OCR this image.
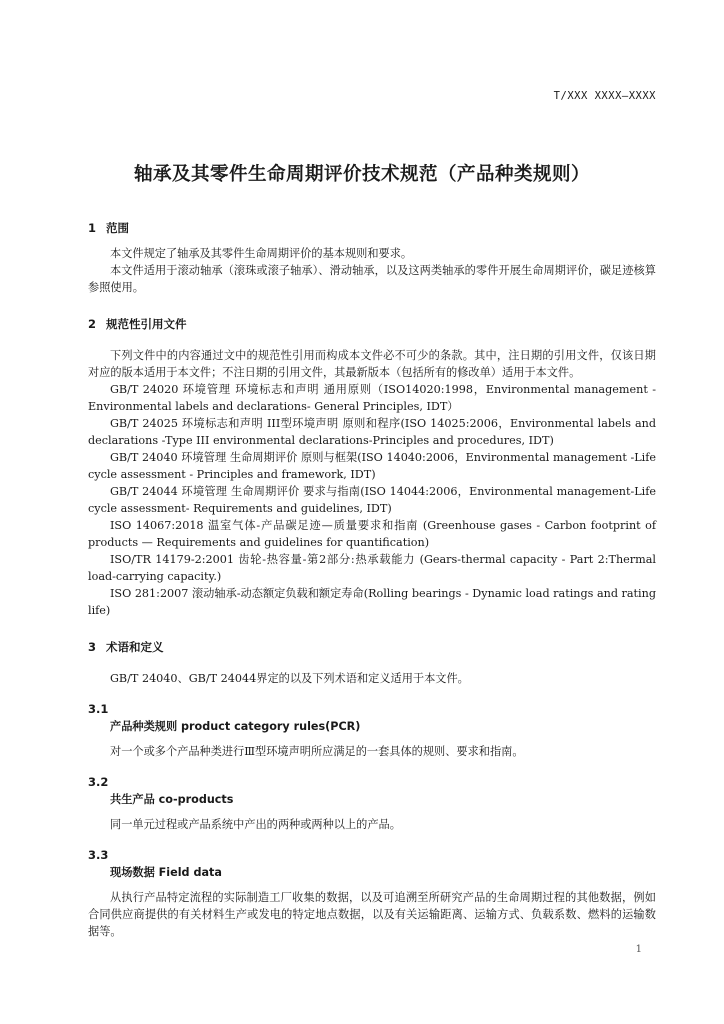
T/XXX XXXX—XXXX
轴承及其零件生命周期评价技术规范（产品种类规则）

1 范围

本文件规定了轴承及其零件生命周期评价的基本规则和要求。

本文件适用于滚动轴承（滚珠或滚子轴承）、滑动轴承，以及这两类轴承的零件开展生命周期评价，碳足迹核算参照使用。

2 规范性引用文件

下列文件中的内容通过文中的规范性引用而构成本文件必不可少的条款。其中，注日期的引用文件，仅该日期对应的版本适用于本文件；不注日期的引用文件，其最新版本（包括所有的修改单）适用于本文件。

GB/T 24020 环境管理 环境标志和声明 通用原则（ISO14020:1998，Environmental management -Environmental labels and declarations- General Principles, IDT）

GB/T 24025 环境标志和声明 III型环境声明 原则和程序(ISO 14025:2006，Environmental labels and declarations -Type III environmental declarations-Principles and procedures, IDT)

GB/T 24040 环境管理 生命周期评价 原则与框架(ISO 14040:2006，Environmental management -Life cycle assessment - Principles and framework, IDT)

GB/T 24044 环境管理 生命周期评价 要求与指南(ISO 14044:2006，Environmental management-Life cycle assessment- Requirements and guidelines, IDT)

ISO 14067:2018 温室气体-产品碳足迹—质量要求和指南 (Greenhouse gases - Carbon footprint of products — Requirements and guidelines for quantification)

ISO/TR 14179-2:2001 齿轮-热容量-第2部分:热承载能力 (Gears-thermal capacity - Part 2:Thermal load-carrying capacity.)

ISO 281:2007 滚动轴承-动态额定负载和额定寿命(Rolling bearings - Dynamic load ratings and rating life)

3 术语和定义

GB/T 24040、GB/T 24044界定的以及下列术语和定义适用于本文件。

3.1

产品种类规则 product category rules(PCR)

对一个或多个产品种类进行Ⅲ型环境声明所应满足的一套具体的规则、要求和指南。

3.2

共生产品 co-products

同一单元过程或产品系统中产出的两种或两种以上的产品。

3.3

现场数据 Field data

从执行产品特定流程的实际制造工厂收集的数据，以及可追溯至所研究产品的生命周期过程的其他数据，例如合同供应商提供的有关材料生产或发电的特定地点数据，以及有关运输距离、运输方式、负载系数、燃料的运输数据等。

1
